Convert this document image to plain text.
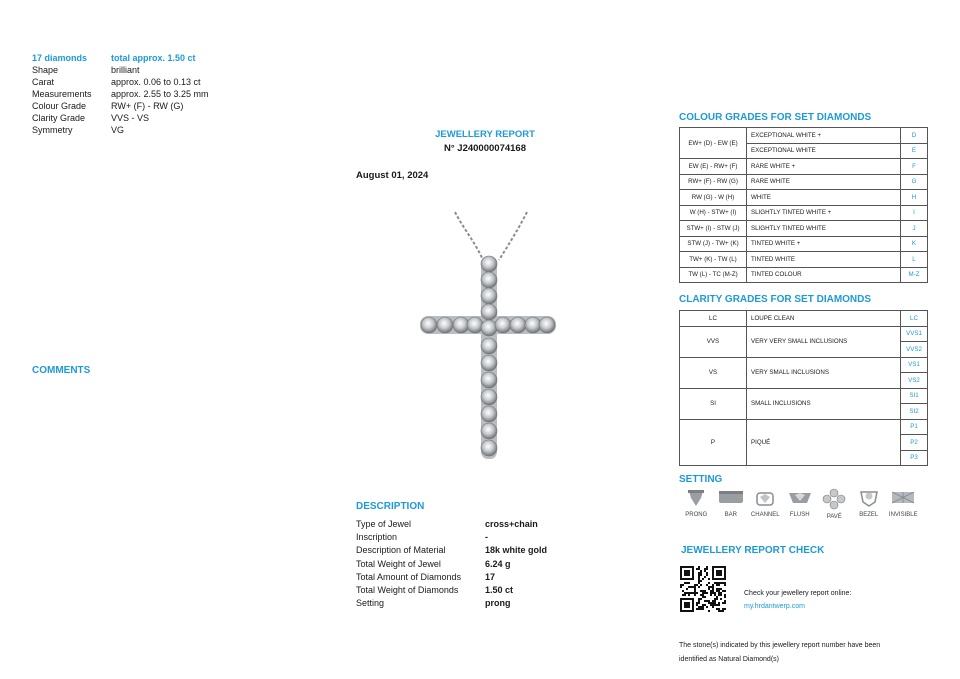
17 diamonds	total approx. 1.50 ct
Shape	brilliant
Carat	approx. 0.06 to 0.13 ct
Measurements	approx. 2.55 to 3.25 mm
Colour Grade	RW+ (F) - RW (G)
Clarity Grade	VVS - VS
Symmetry	VG
COMMENTS
JEWELLERY REPORT
N° J240000074168
August 01, 2024
DESCRIPTION
Type of Jewel	cross+chain
Inscription	-
Description of Material	18k white gold
Total Weight of Jewel	6.24 g
Total Amount of Diamonds	17
Total Weight of Diamonds	1.50 ct
Setting	prong
COLOUR GRADES FOR SET DIAMONDS
EW+ (D) - EW (E)	EXCEPTIONAL WHITE +	D
	EXCEPTIONAL WHITE	E
EW (E) - RW+ (F)	RARE WHITE +	F
RW+ (F) - RW (G)	RARE WHITE	G
RW (G) - W (H)	WHITE	H
W (H) - STW+ (I)	SLIGHTLY TINTED WHITE +	I
STW+ (I) - STW (J)	SLIGHTLY TINTED WHITE	J
STW (J) - TW+ (K)	TINTED WHITE +	K
TW+ (K) - TW (L)	TINTED WHITE	L
TW (L) - TC (M-Z)	TINTED COLOUR	M-Z
CLARITY GRADES FOR SET DIAMONDS
LC	LOUPE CLEAN	LC
VVS	VERY VERY SMALL INCLUSIONS	VVS1
		VVS2
VS	VERY SMALL INCLUSIONS	VS1
		VS2
SI	SMALL INCLUSIONS	SI1
		SI2
P	PIQUÉ	P1
		P2
		P3
SETTING
PRONG	BAR	CHANNEL	FLUSH	PAVÉ	BEZEL	INVISIBLE
JEWELLERY REPORT CHECK
Check your jewellery report online:
my.hrdantwerp.com
The stone(s) indicated by this jewellery report number have been
identified as Natural Diamond(s)
